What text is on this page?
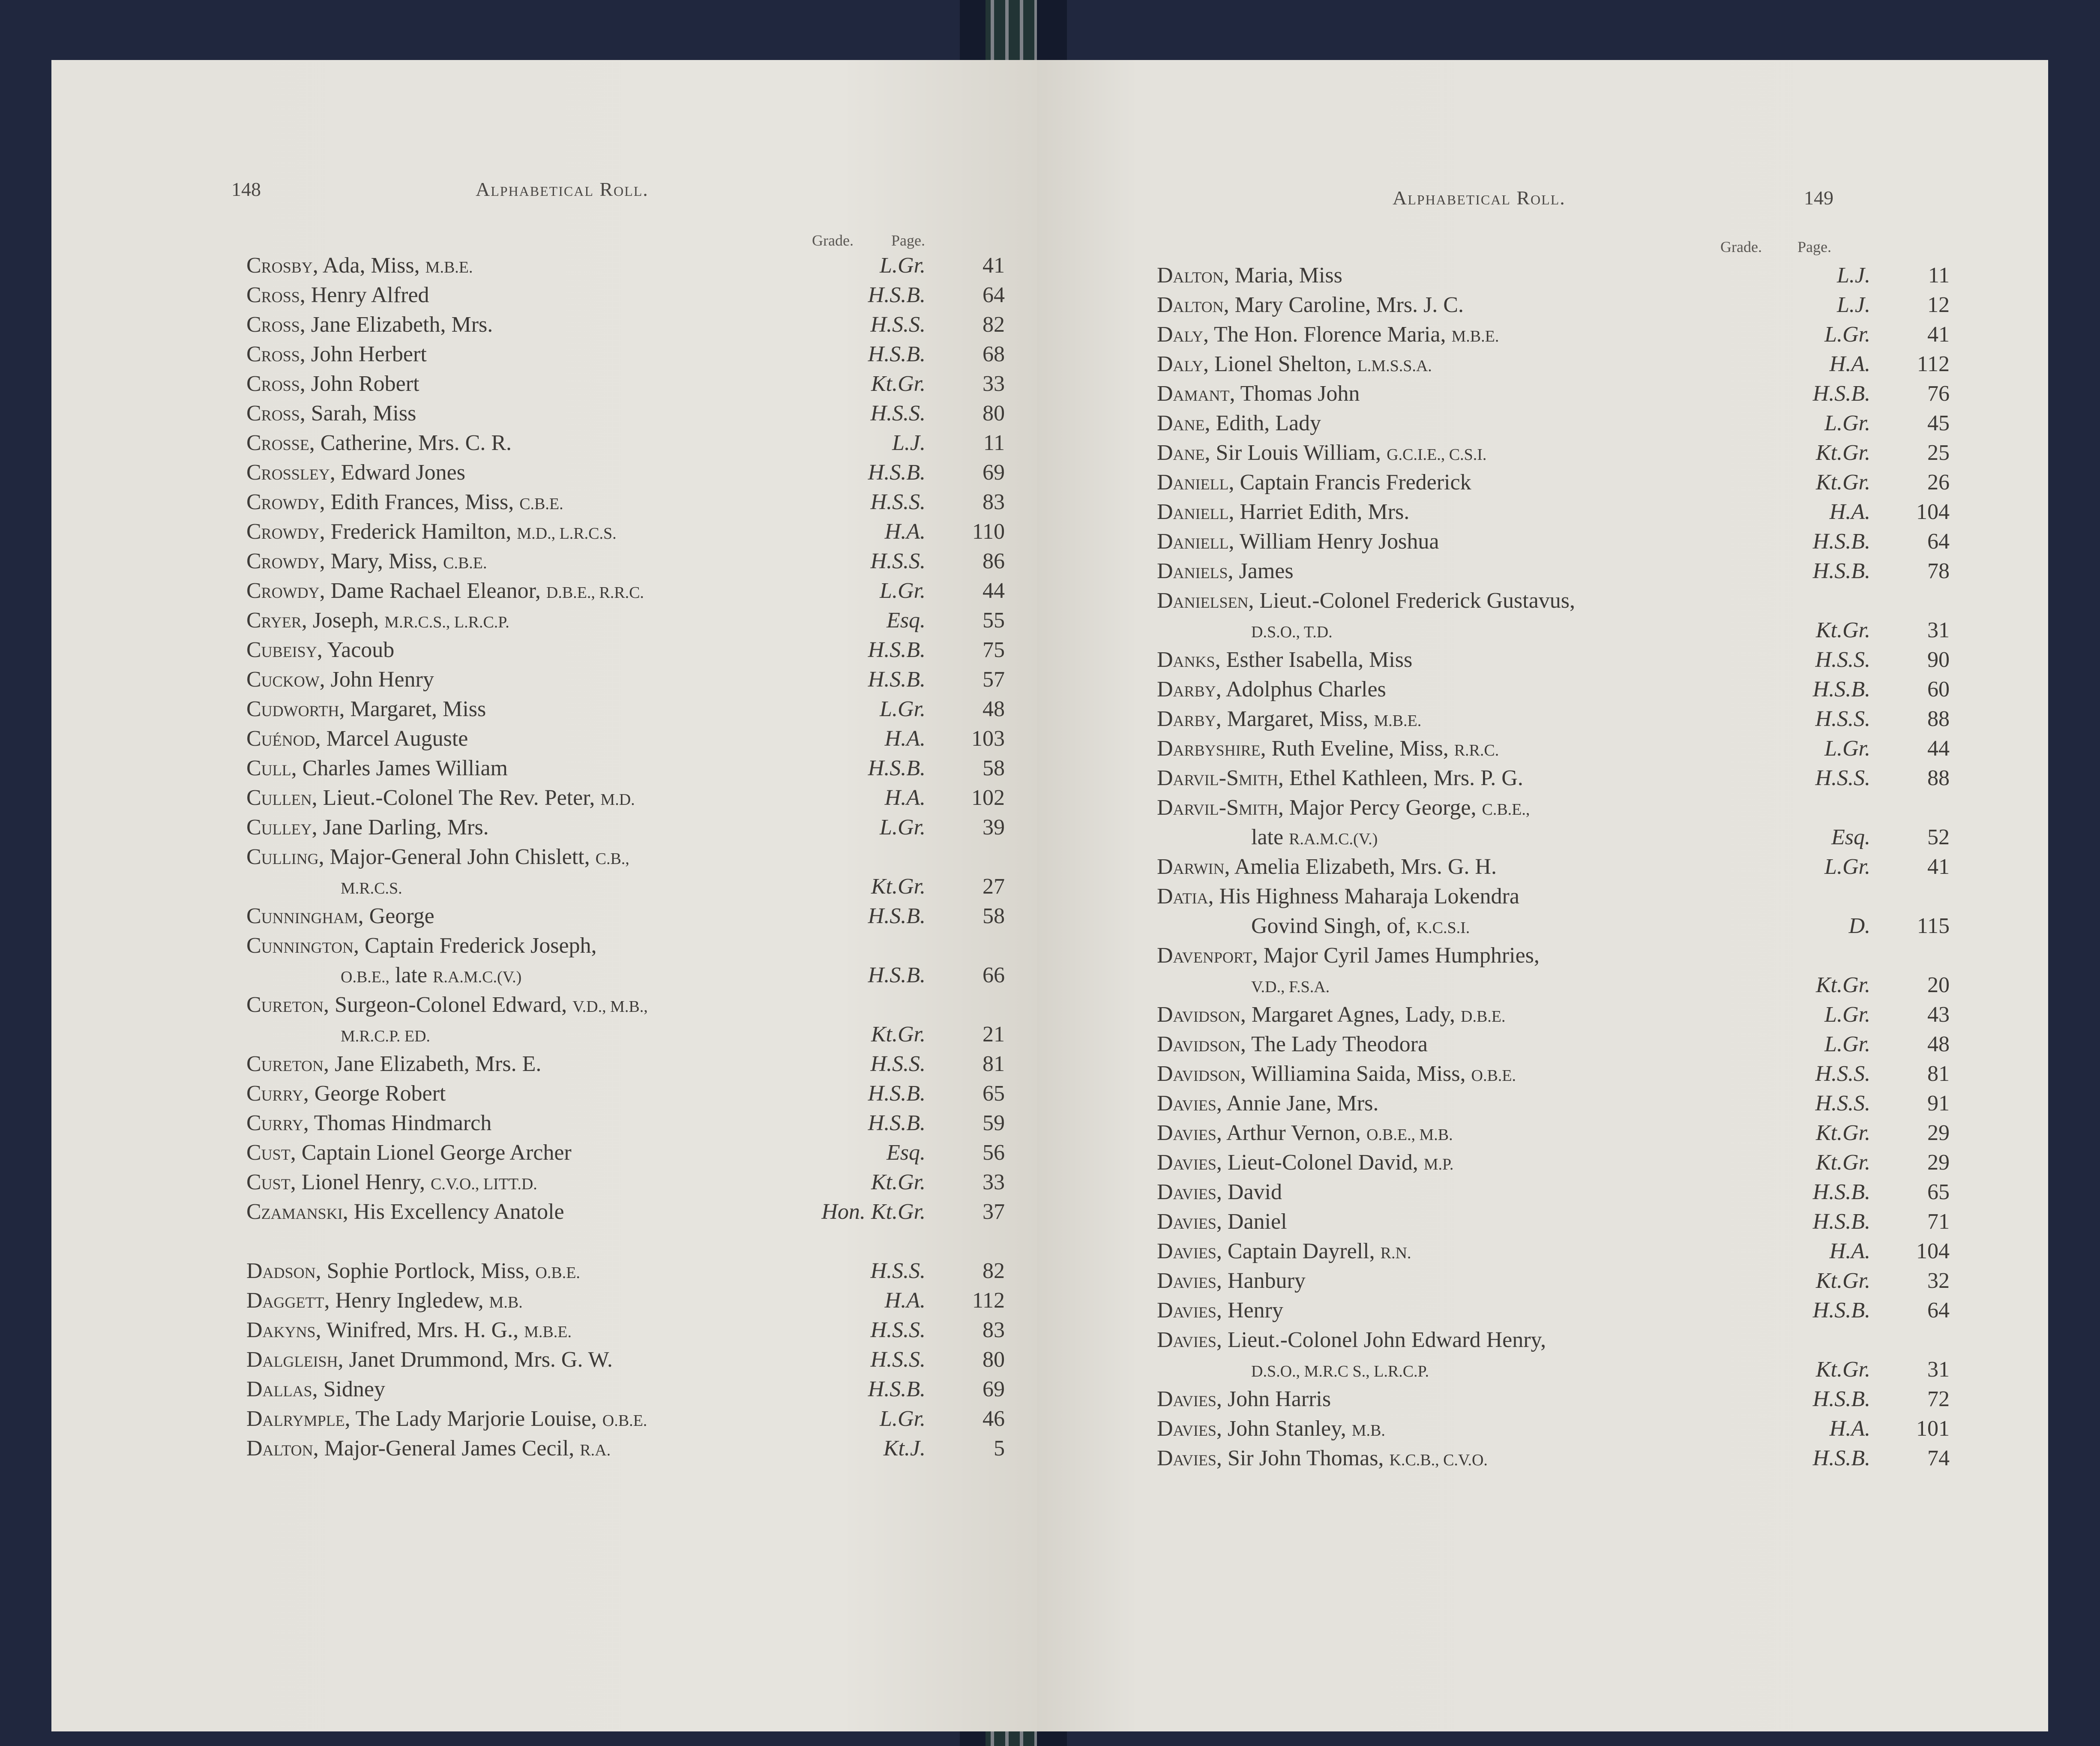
148	Alphabetical Roll.
Grade. Page.
Crosby, Ada, Miss, M.B.E.	L.Gr.	41
Cross, Henry Alfred	H.S.B.	64
Cross, Jane Elizabeth, Mrs.	H.S.S.	82
Cross, John Herbert	H.S.B.	68
Cross, John Robert	Kt.Gr.	33
Cross, Sarah, Miss	H.S.S.	80
Crosse, Catherine, Mrs. C. R.	L.J.	11
Crossley, Edward Jones	H.S.B.	69
Crowdy, Edith Frances, Miss, C.B.E.	H.S.S.	83
Crowdy, Frederick Hamilton, M.D., L.R.C.S.	H.A. 110
Crowdy, Mary, Miss, C.B.E.	H.S.S.	86
Crowdy, Dame Rachael Eleanor, D.B.E., R.R.C.	L.Gr.	44
Cryer, Joseph, M.R.C.S., L.R.C.P.	Esq.	55
Cubeisy, Yacoub	H.S.B.	75
Cuckow, John Henry	H.S.B.	57
Cudworth, Margaret, Miss	L.Gr.	48
Cuénod, Marcel Auguste	H.A. 103
Cull, Charles James William	H.S.B.	58
Cullen, Lieut.-Colonel The Rev. Peter, M.D.	H.A. 102
Culley, Jane Darling, Mrs.	L.Gr.	39
Culling, Major-General John Chislett, C.B.,
M.R.C.S.	Kt.Gr.	27
Cunningham, George	H.S.B.	58
Cunnington, Captain Frederick Joseph,
O.B.E., late R.A.M.C.(V.)	H.S.B.	66
Cureton, Surgeon-Colonel Edward, V.D., M.B.,
M.R.C.P. ED.	Kt.Gr.	21
Cureton, Jane Elizabeth, Mrs. E.	H.S.S.	81
Curry, George Robert	H.S.B.	65
Curry, Thomas Hindmarch	H.S.B.	59
Cust, Captain Lionel George Archer	Esq.	56
Cust, Lionel Henry, C.V.O., LITT.D.	Kt.Gr.	33
Czamanski, His Excellency Anatole	Hon. Kt.Gr.	37
Dadson, Sophie Portlock, Miss, O.B.E.	H.S.S.	82
Daggett, Henry Ingledew, M.B.	H.A. 112
Dakyns, Winifred, Mrs. H. G., M.B.E.	H.S.S.	83
Dalgleish, Janet Drummond, Mrs. G. W.	H.S.S.	80
Dallas, Sidney	H.S.B.	69
Dalrymple, The Lady Marjorie Louise, O.B.E.	L.Gr.	46
Dalton, Major-General James Cecil, R.A.	Kt.J.	5
Alphabetical Roll.	149
Grade. Page.
Dalton, Maria, Miss	L.J.	11
Dalton, Mary Caroline, Mrs. J. C.	L.J.	12
Daly, The Hon. Florence Maria, M.B.E.	L.Gr.	41
Daly, Lionel Shelton, L.M.S.S.A.	H.A. 112
Damant, Thomas John	H.S.B.	76
Dane, Edith, Lady	L.Gr.	45
Dane, Sir Louis William, G.C.I.E., C.S.I.	Kt.Gr.	25
Daniell, Captain Francis Frederick	Kt.Gr.	26
Daniell, Harriet Edith, Mrs.	H.A. 104
Daniell, William Henry Joshua	H.S.B.	64
Daniels, James	H.S.B.	78
Danielsen, Lieut.-Colonel Frederick Gustavus,
D.S.O., T.D.	Kt.Gr.	31
Danks, Esther Isabella, Miss	H.S.S.	90
Darby, Adolphus Charles	H.S.B.	60
Darby, Margaret, Miss, M.B.E.	H.S.S.	88
Darbyshire, Ruth Eveline, Miss, R.R.C.	L.Gr.	44
Darvil-Smith, Ethel Kathleen, Mrs. P. G.	H.S.S.	88
Darvil-Smith, Major Percy George, C.B.E.,
late R.A.M.C.(V.)	Esq.	52
Darwin, Amelia Elizabeth, Mrs. G. H.	L.Gr.	41
Datia, His Highness Maharaja Lokendra
Govind Singh, of, K.C.S.I.	D. 115
Davenport, Major Cyril James Humphries,
V.D., F.S.A.	Kt.Gr.	20
Davidson, Margaret Agnes, Lady, D.B.E.	L.Gr.	43
Davidson, The Lady Theodora	L.Gr.	48
Davidson, Williamina Saida, Miss, O.B.E.	H.S.S.	81
Davies, Annie Jane, Mrs.	H.S.S.	91
Davies, Arthur Vernon, O.B.E., M.B.	Kt.Gr.	29
Davies, Lieut-Colonel David, M.P.	Kt.Gr.	29
Davies, David	H.S.B.	65
Davies, Daniel	H.S.B.	71
Davies, Captain Dayrell, R.N.	H.A. 104
Davies, Hanbury	Kt.Gr.	32
Davies, Henry	H.S.B.	64
Davies, Lieut.-Colonel John Edward Henry,
D.S.O., M.R.C S., L.R.C.P.	Kt.Gr.	31
Davies, John Harris	H.S.B.	72
Davies, John Stanley, M.B.	H.A. 101
Davies, Sir John Thomas, K.C.B., C.V.O.	H.S.B.	74
